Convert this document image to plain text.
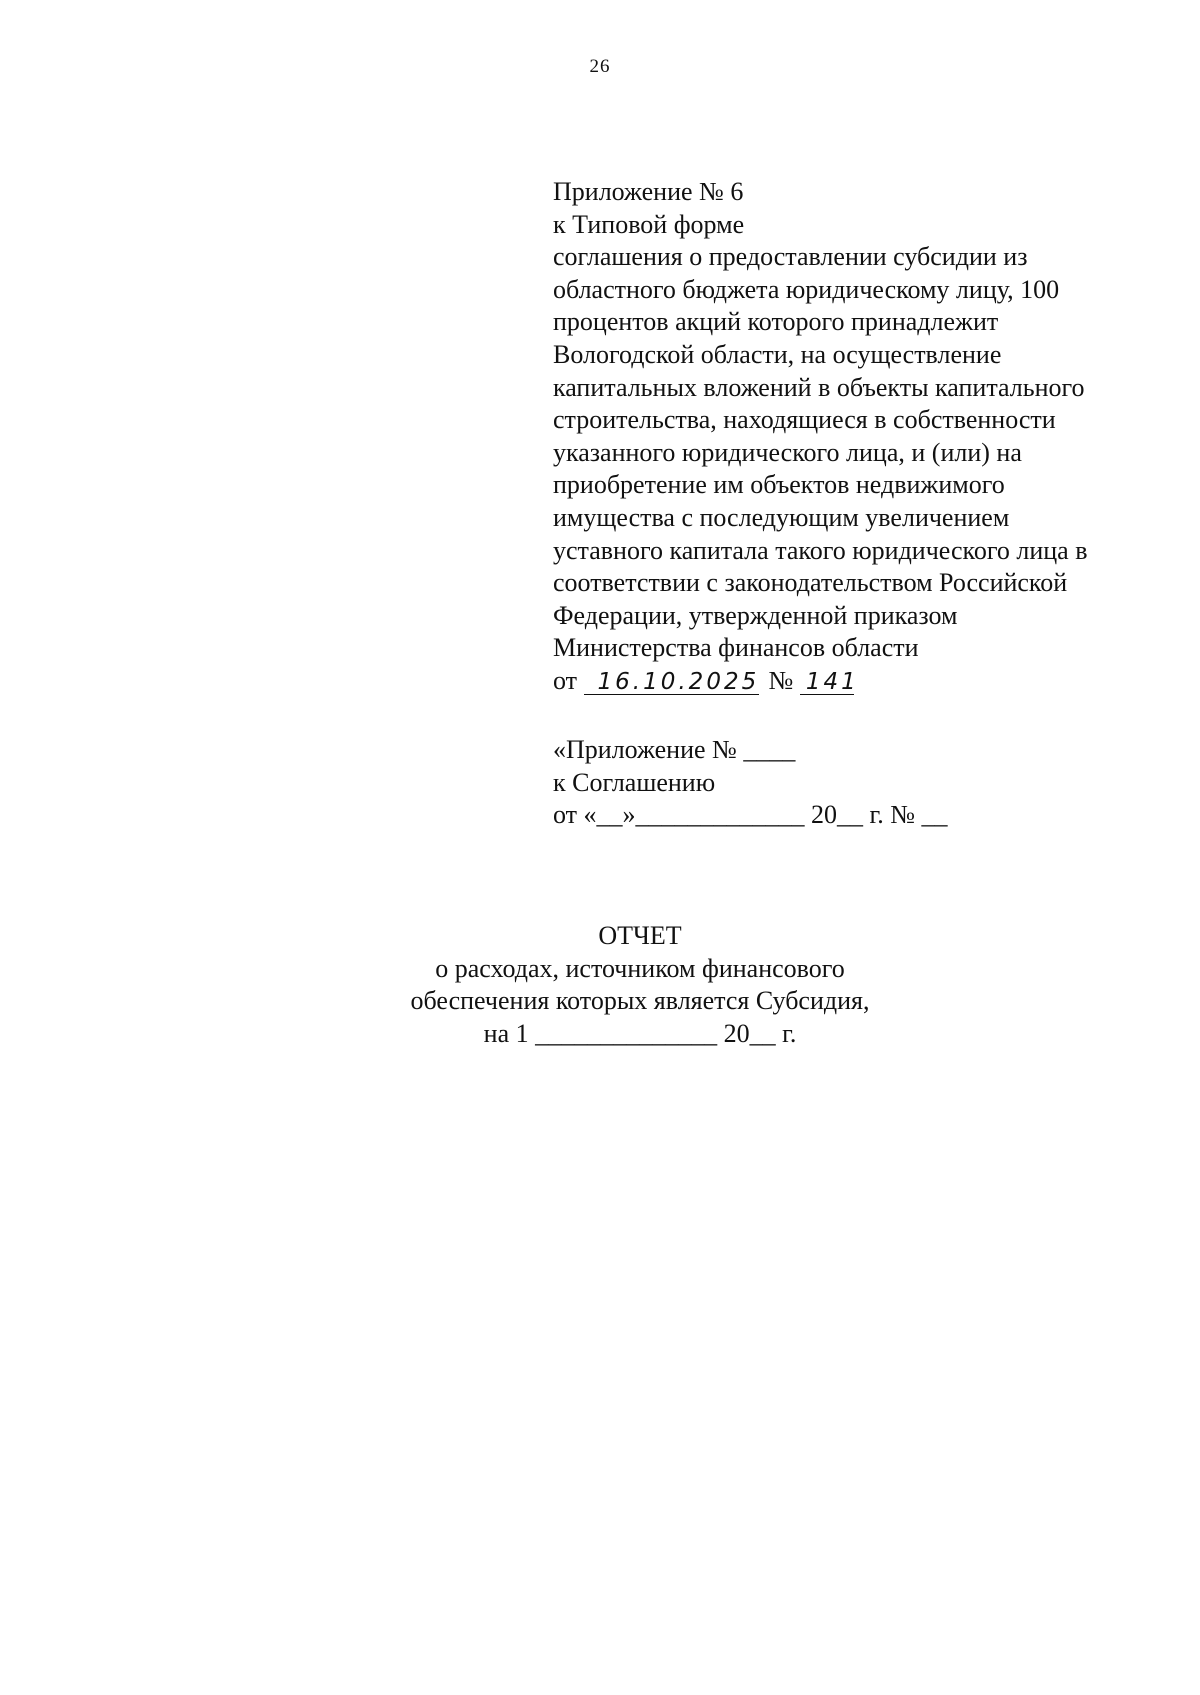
26
Приложение № 6
к Типовой форме
соглашения о предоставлении субсидии из
областного бюджета юридическому лицу, 100
процентов акций которого принадлежит
Вологодской области, на осуществление
капитальных вложений в объекты капитального
строительства, находящиеся в собственности
указанного юридического лица, и (или) на
приобретение им объектов недвижимого
имущества с последующим увеличением
уставного капитала такого юридического лица в
соответствии с законодательством Российской
Федерации, утвержденной приказом
Министерства финансов области
от 16.10.2025 № 141
«Приложение № ____
к Соглашению
от «__»_____________ 20__ г. № __
ОТЧЕТ
о расходах, источником финансового
обеспечения которых является Субсидия,
на 1 ______________ 20__ г.
